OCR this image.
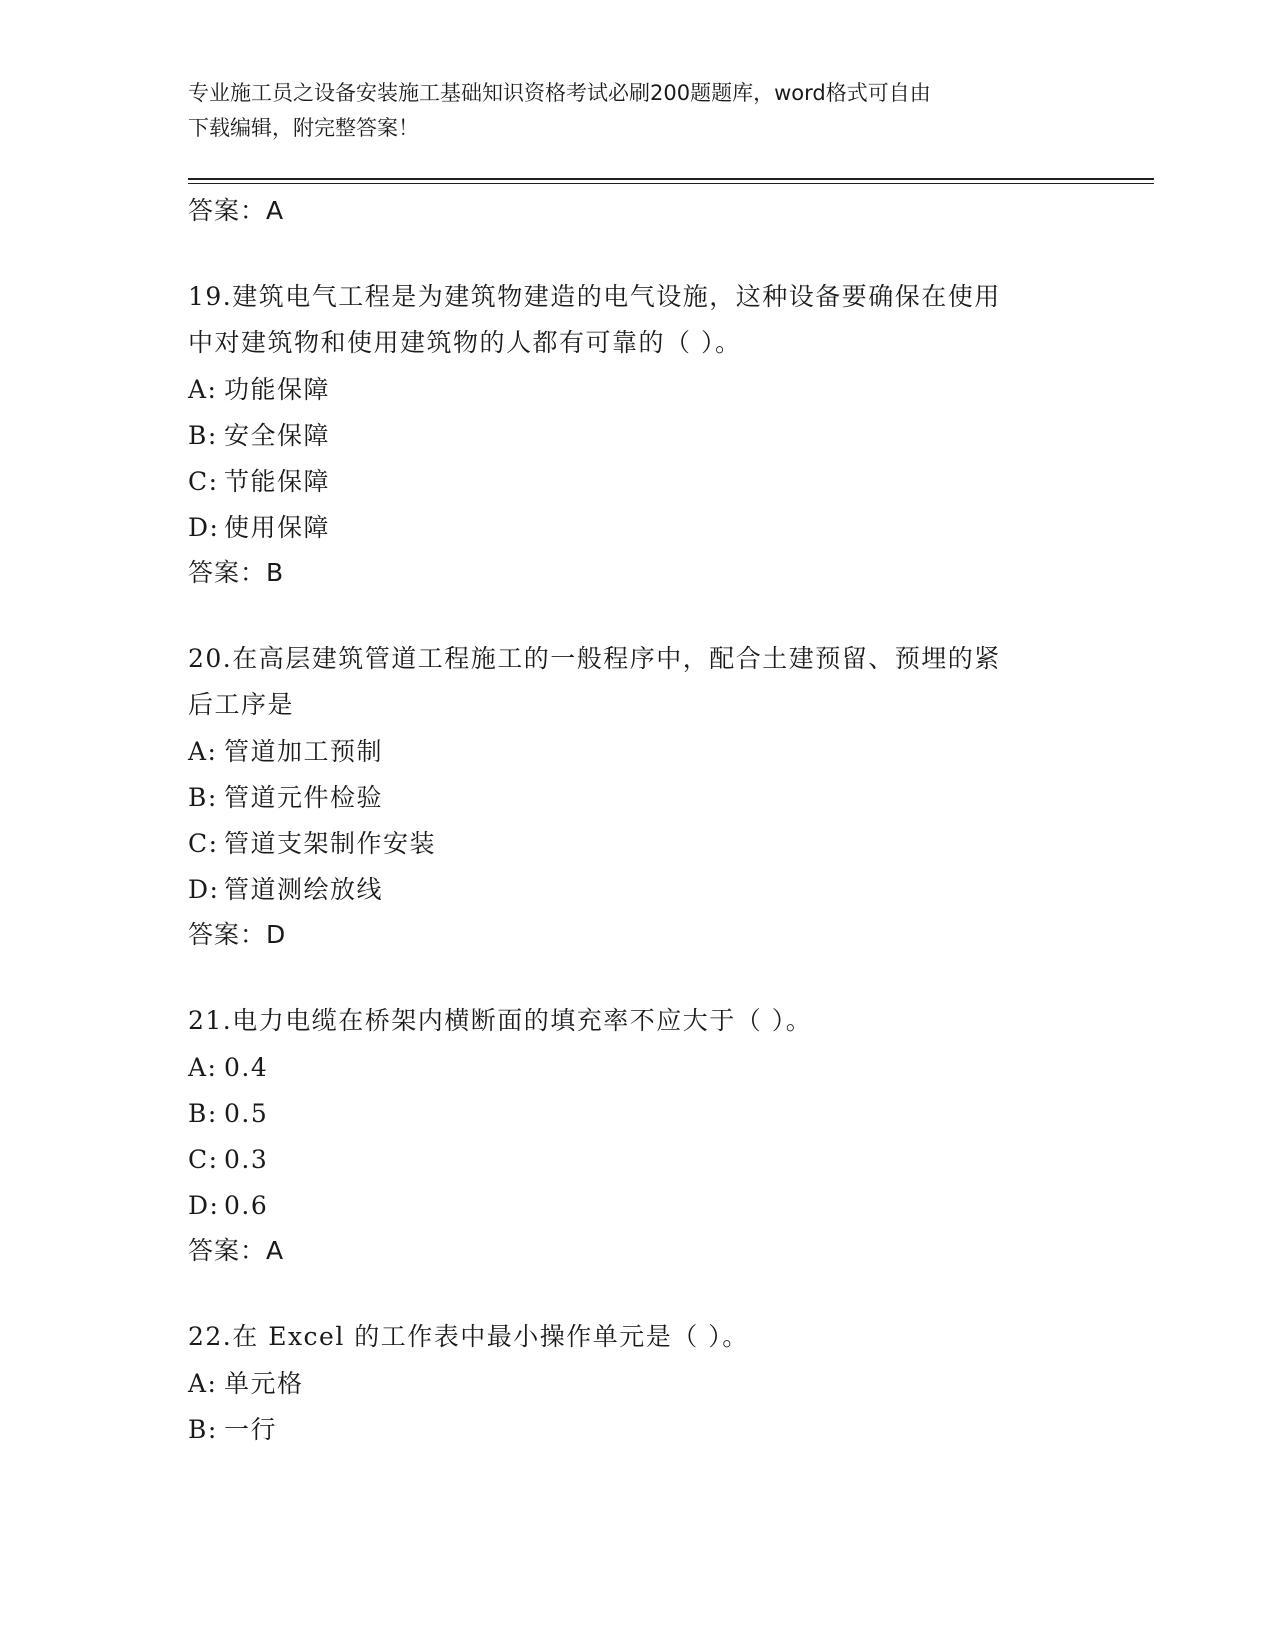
专业施工员之设备安装施工基础知识资格考试必刷200题题库，word格式可自由
下载编辑，附完整答案！
答案：A
19.建筑电气工程是为建筑物建造的电气设施，这种设备要确保在使用
中对建筑物和使用建筑物的人都有可靠的（ ）。
A: 功能保障
B: 安全保障
C: 节能保障
D: 使用保障
答案：B
20.在高层建筑管道工程施工的一般程序中，配合土建预留、预埋的紧
后工序是
A: 管道加工预制
B: 管道元件检验
C: 管道支架制作安装
D: 管道测绘放线
答案：D
21.电力电缆在桥架内横断面的填充率不应大于（ ）。
A: 0.4
B: 0.5
C: 0.3
D: 0.6
答案：A
22.在 Excel 的工作表中最小操作单元是（ ）。
A: 单元格
B: 一行
